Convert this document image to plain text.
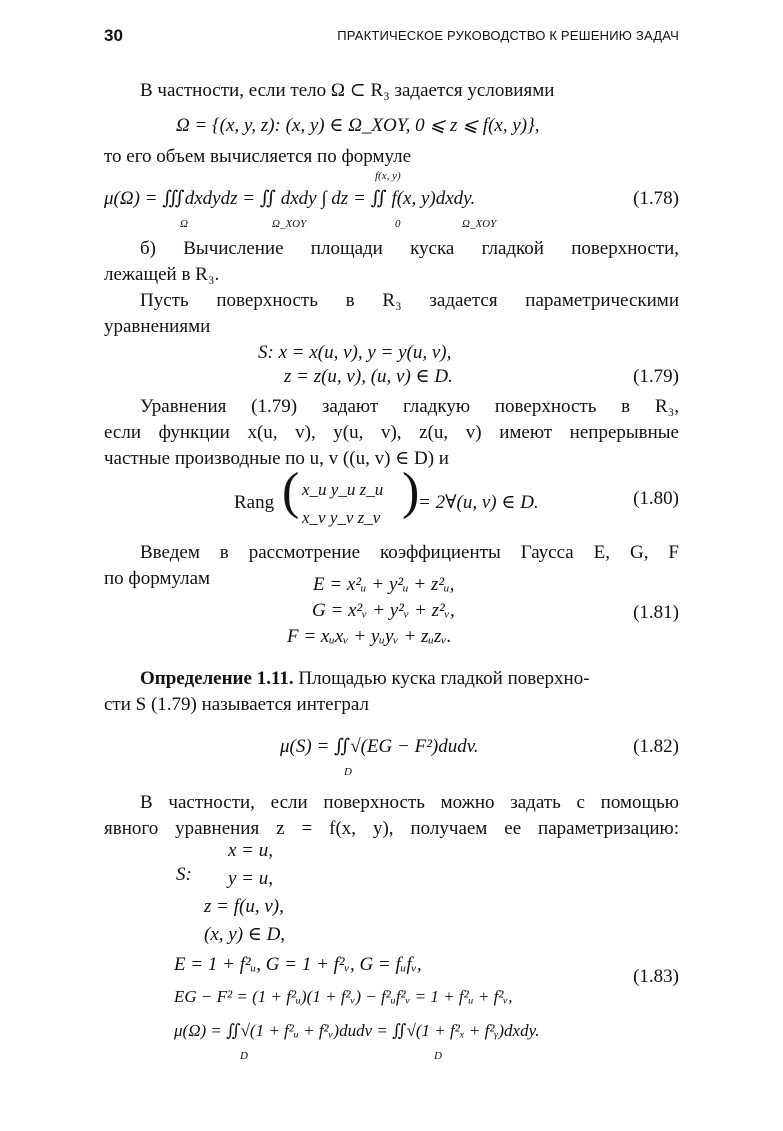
30	ПРАКТИЧЕСКОЕ РУКОВОДСТВО К РЕШЕНИЮ ЗАДАЧ
В частности, если тело Ω ⊂ R₃ задается условиями
Ω = {(x, y, z): (x, y) ∈ Ω_XOY, 0 ⩽ z ⩽ f(x, y)},
то его объем вычисляется по формуле
f(x, y)
μ(Ω) = ∭dxdydz = ∬ dxdy ∫ dz = ∬ f(x, y)dxdy.	(1.78)
Ω	Ω_XOY	0	Ω_XOY
б) Вычисление площади куска гладкой поверхности,
лежащей в R₃.
Пусть поверхность в R₃ задается параметрическими
уравнениями
S: x = x(u, v), y = y(u, v),
z = z(u, v), (u, v) ∈ D.	(1.79)
Уравнения (1.79) задают гладкую поверхность в R₃,
если функции x(u, v), y(u, v), z(u, v) имеют непрерывные
частные производные по u, v ((u, v) ∈ D) и
Rang ( x_u y_u z_u
x_v y_v z_v )
= 2∀(u, v) ∈ D.	(1.80)
Введем в рассмотрение коэффициенты Гаусса E, G, F
по формулам	E = x²ᵤ + y²ᵤ + z²ᵤ,
G = x²ᵥ + y²ᵥ + z²ᵥ,
F = xᵤxᵥ + yᵤyᵥ + zᵤzᵥ.
(1.81)
Определение 1.11. Площадью куска гладкой поверхно-
сти S (1.79) называется интеграл
μ(S) = ∬√(EG − F²)dudv.
D
(1.82)
В частности, если поверхность можно задать с помощью
явного уравнения z = f(x, y), получаем ее параметризацию:
x = u,
S: y = u,
z = f(u, v),
(x, y) ∈ D,
E = 1 + f²ᵤ, G = 1 + f²ᵥ, G = fᵤfᵥ,
EG − F² = (1 + f²ᵤ)(1 + f²ᵥ) − f²ᵤf²ᵥ = 1 + f²ᵤ + f²ᵥ,
μ(Ω) = ∬√(1 + f²ᵤ + f²ᵥ)dudv = ∬√(1 + f²ₓ + f²ᵧ)dxdy.
D	D
(1.83)
